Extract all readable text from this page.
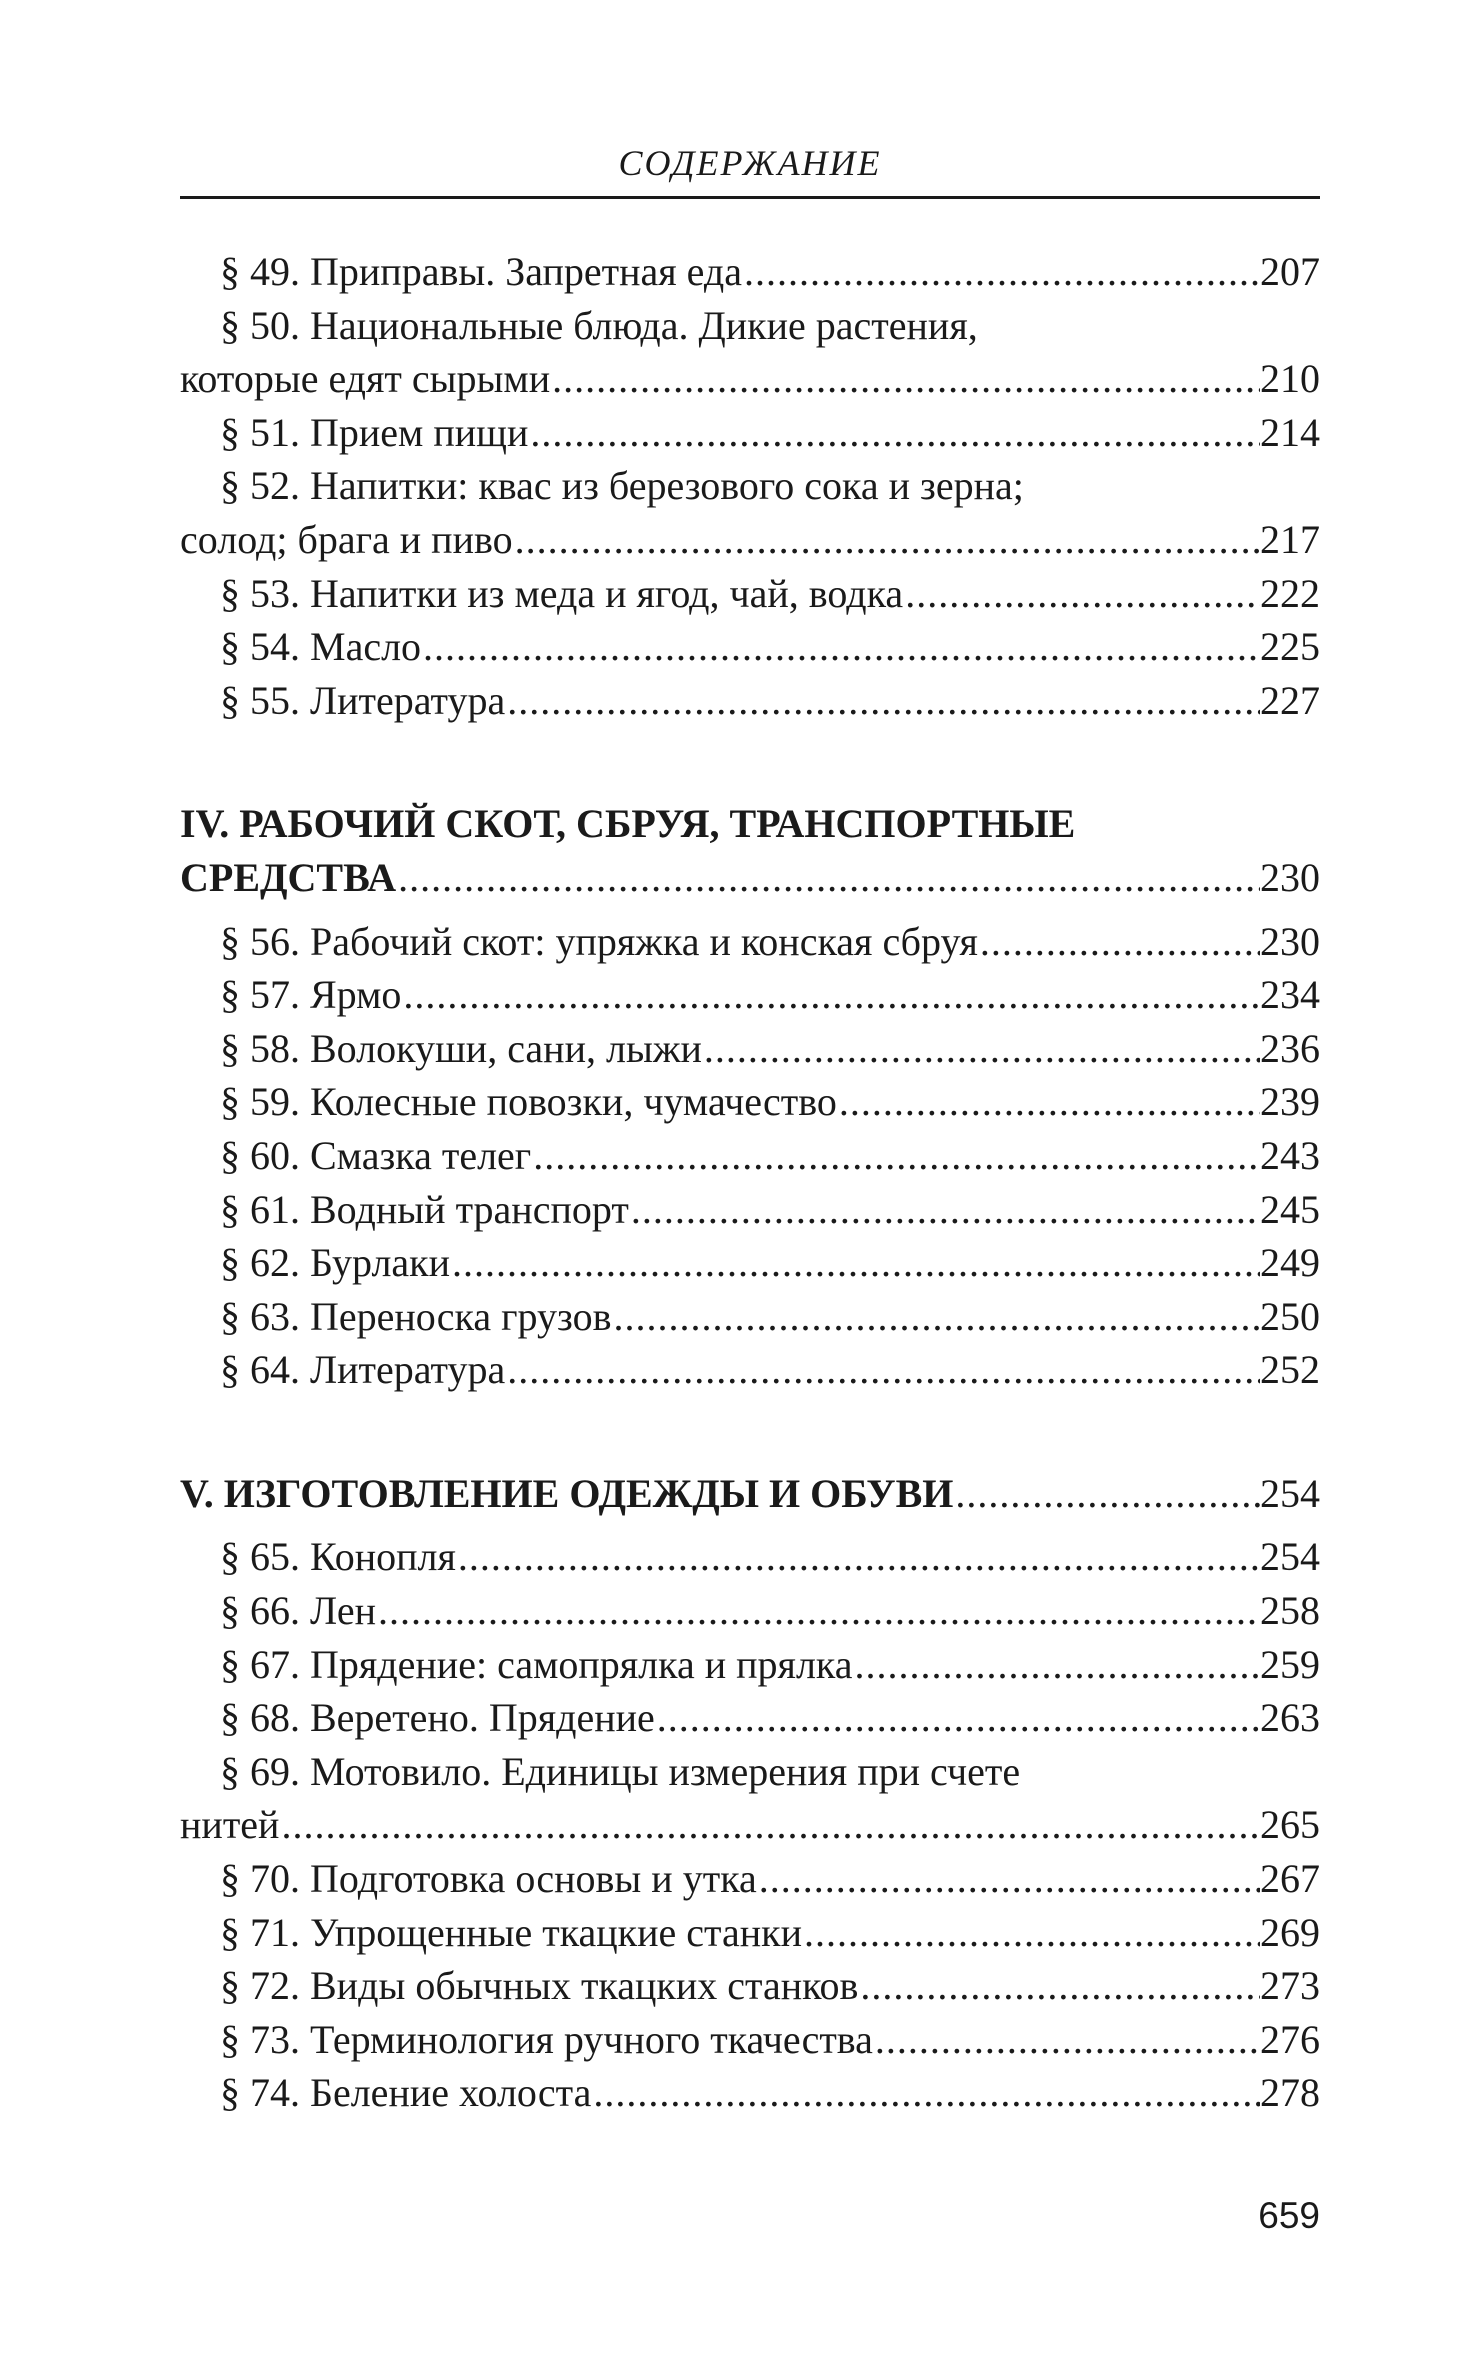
СОДЕРЖАНИЕ
§ 49. Приправы. Запретная еда .....	207
§ 50. Национальные блюда. Дикие растения,
которые едят сырыми .....	210
§ 51. Прием пищи .....	214
§ 52. Напитки: квас из березового сока и зерна;
солод; брага и пиво .....	217
§ 53. Напитки из меда и ягод, чай, водка .....	222
§ 54. Масло .....	225
§ 55. Литература .....	227
IV. РАБОЧИЙ СКОТ, СБРУЯ, ТРАНСПОРТНЫЕ
СРЕДСТВА .....	230
§ 56. Рабочий скот: упряжка и конская сбруя .....	230
§ 57. Ярмо .....	234
§ 58. Волокуши, сани, лыжи .....	236
§ 59. Колесные повозки, чумачество .....	239
§ 60. Смазка телег .....	243
§ 61. Водный транспорт .....	245
§ 62. Бурлаки .....	249
§ 63. Переноска грузов .....	250
§ 64. Литература .....	252
V. ИЗГОТОВЛЕНИЕ ОДЕЖДЫ И ОБУВИ .....	254
§ 65. Конопля .....	254
§ 66. Лен .....	258
§ 67. Прядение: самопрялка и прялка .....	259
§ 68. Веретено. Прядение .....	263
§ 69. Мотовило. Единицы измерения при счете
нитей .....	265
§ 70. Подготовка основы и утка .....	267
§ 71. Упрощенные ткацкие станки .....	269
§ 72. Виды обычных ткацких станков .....	273
§ 73. Терминология ручного ткачества .....	276
§ 74. Беление холоста .....	278
659
